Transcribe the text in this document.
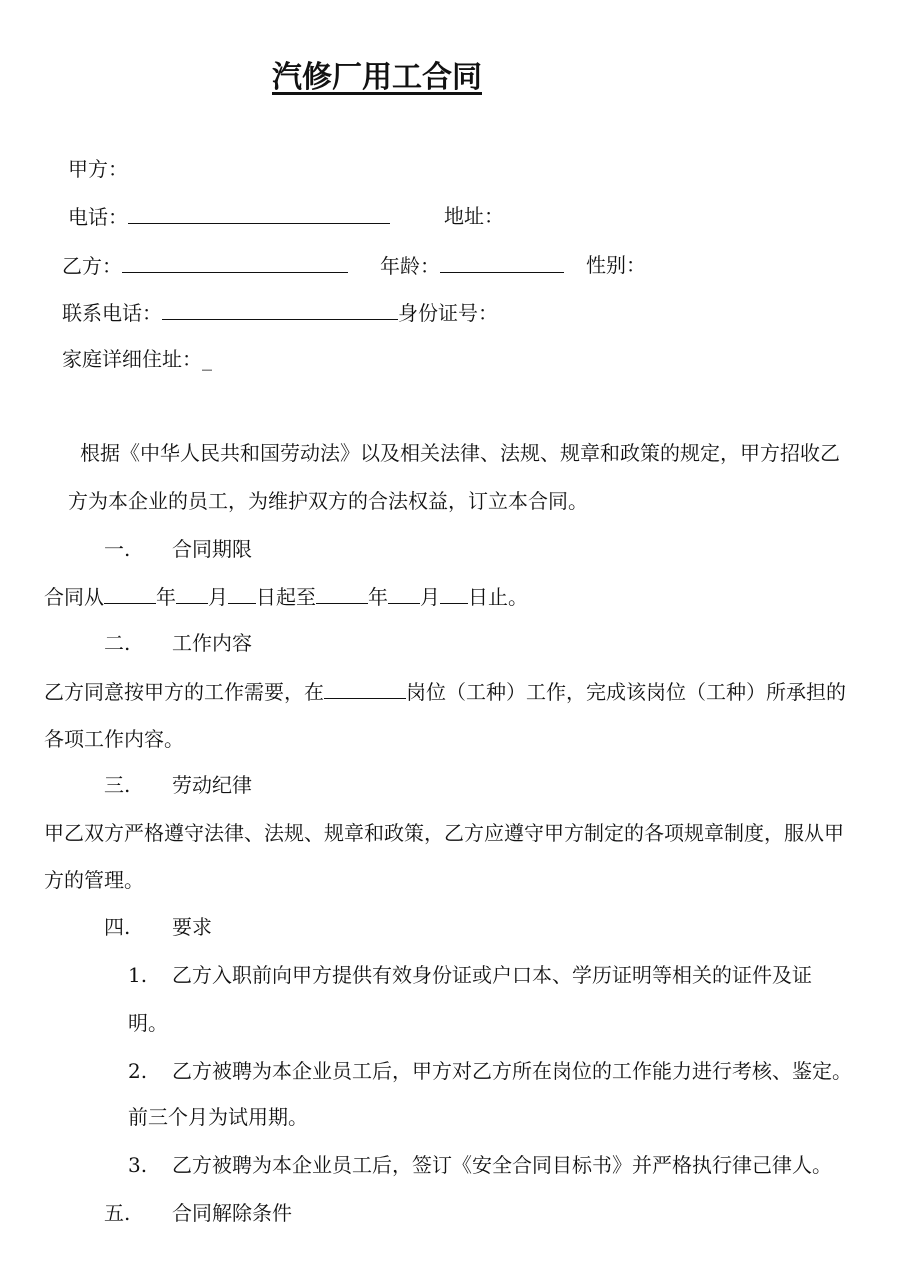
汽修厂用工合同
甲方：
电话：	地址：
乙方：	年龄：	性别：
联系电话：	身份证号：
家庭详细住址：_
根据《中华人民共和国劳动法》以及相关法律、法规、规章和政策的规定，甲方招收乙
方为本企业的员工，为维护双方的合法权益，订立本合同。
一. 合同期限
合同从	年 月 日起至	年 月 日止。
二. 工作内容
乙方同意按甲方的工作需要，在	岗位（工种）工作，完成该岗位（工种）所承担的
各项工作内容。
三. 劳动纪律
甲乙双方严格遵守法律、法规、规章和政策，乙方应遵守甲方制定的各项规章制度，服从甲
方的管理。
四. 要求
1. 乙方入职前向甲方提供有效身份证或户口本、学历证明等相关的证件及证
明。
2. 乙方被聘为本企业员工后，甲方对乙方所在岗位的工作能力进行考核、鉴定。
前三个月为试用期。
3. 乙方被聘为本企业员工后，签订《安全合同目标书》并严格执行律己律人。
五. 合同解除条件
